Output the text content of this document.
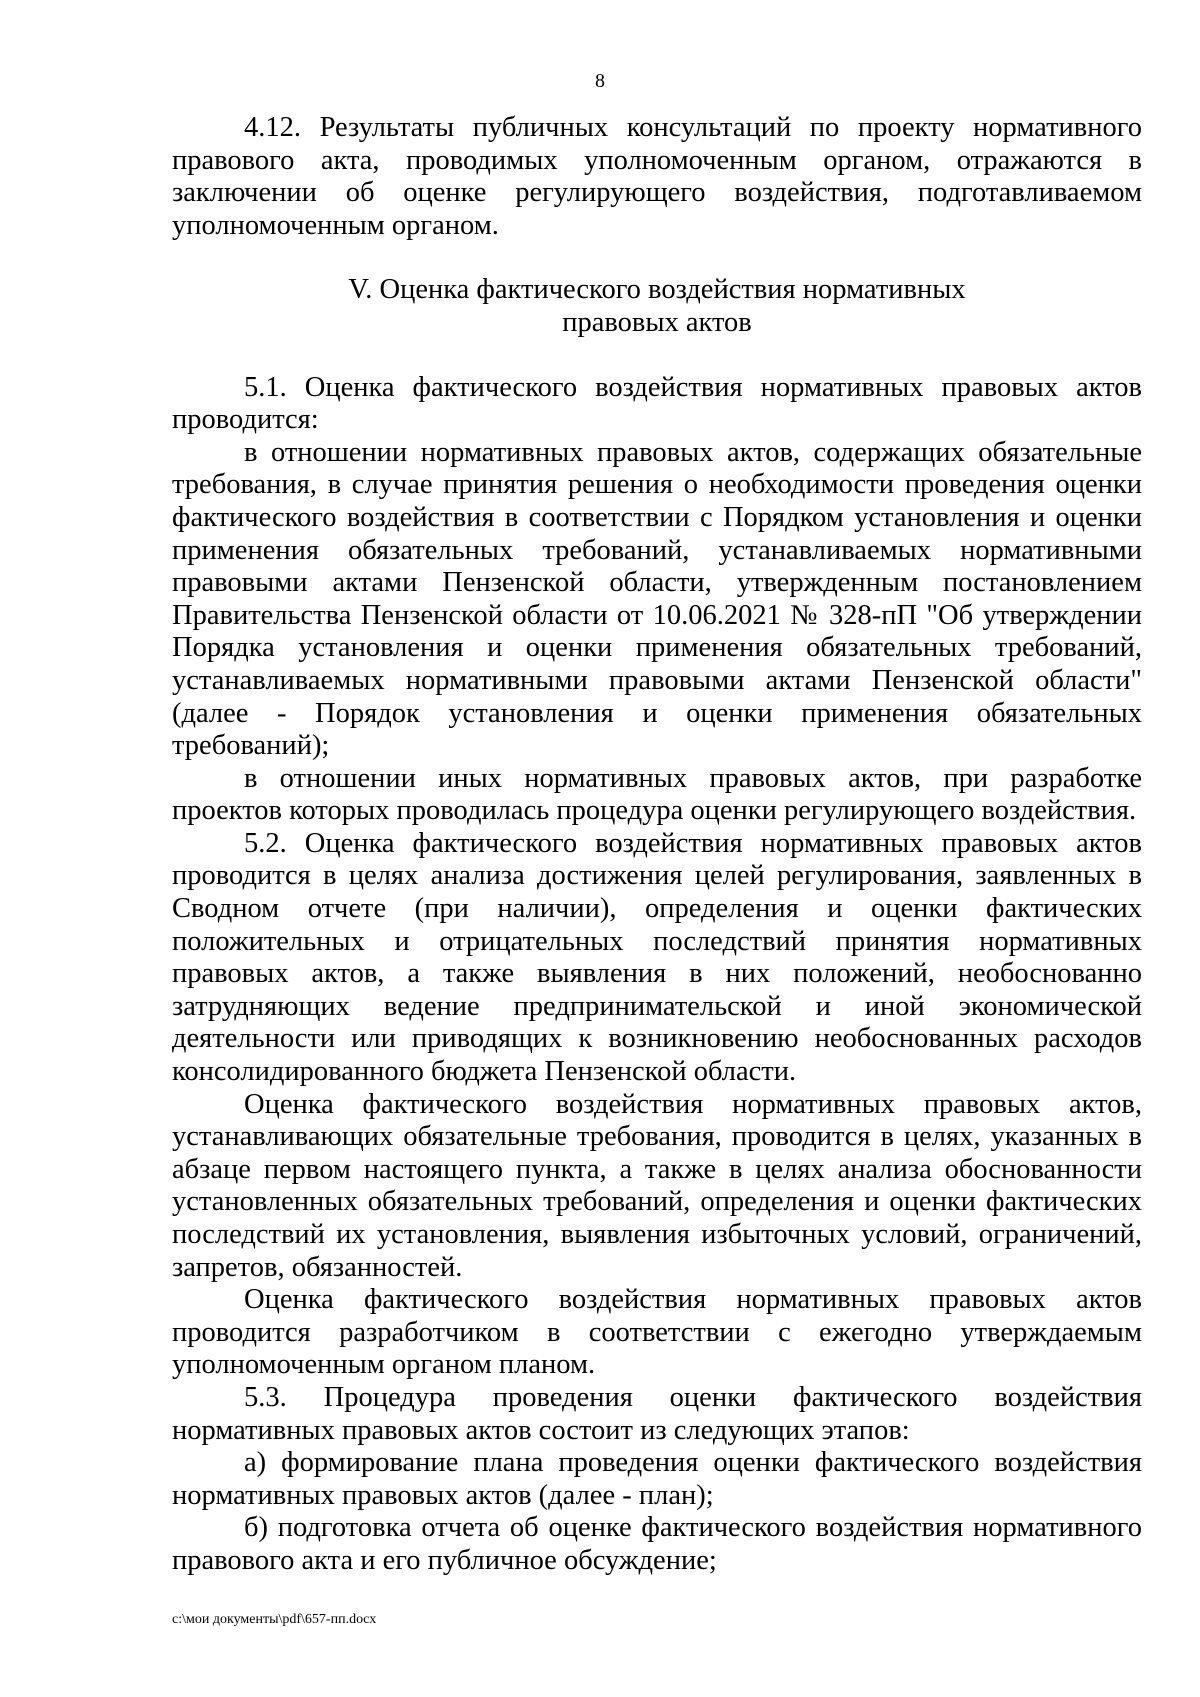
8

4.12. Результаты публичных консультаций по проекту нормативного правового акта, проводимых уполномоченным органом, отражаются в заключении об оценке регулирующего воздействия, подготавливаемом уполномоченным органом.

V. Оценка фактического воздействия нормативных
правовых актов

5.1. Оценка фактического воздействия нормативных правовых актов проводится:

в отношении нормативных правовых актов, содержащих обязательные требования, в случае принятия решения о необходимости проведения оценки фактического воздействия в соответствии с Порядком установления и оценки применения обязательных требований, устанавливаемых нормативными правовыми актами Пензенской области, утвержденным постановлением Правительства Пензенской области от 10.06.2021 № 328-пП "Об утверждении Порядка установления и оценки применения обязательных требований, устанавливаемых нормативными правовыми актами Пензенской области" (далее - Порядок установления и оценки применения обязательных требований);

в отношении иных нормативных правовых актов, при разработке проектов которых проводилась процедура оценки регулирующего воздействия.

5.2. Оценка фактического воздействия нормативных правовых актов проводится в целях анализа достижения целей регулирования, заявленных в Сводном отчете (при наличии), определения и оценки фактических положительных и отрицательных последствий принятия нормативных правовых актов, а также выявления в них положений, необоснованно затрудняющих ведение предпринимательской и иной экономической деятельности или приводящих к возникновению необоснованных расходов консолидированного бюджета Пензенской области.

Оценка фактического воздействия нормативных правовых актов, устанавливающих обязательные требования, проводится в целях, указанных в абзаце первом настоящего пункта, а также в целях анализа обоснованности установленных обязательных требований, определения и оценки фактических последствий их установления, выявления избыточных условий, ограничений, запретов, обязанностей.

Оценка фактического воздействия нормативных правовых актов проводится разработчиком в соответствии с ежегодно утверждаемым уполномоченным органом планом.

5.3. Процедура проведения оценки фактического воздействия нормативных правовых актов состоит из следующих этапов:

а) формирование плана проведения оценки фактического воздействия нормативных правовых актов (далее - план);

б) подготовка отчета об оценке фактического воздействия нормативного правового акта и его публичное обсуждение;

c:\мои документы\pdf\657-пп.docx
